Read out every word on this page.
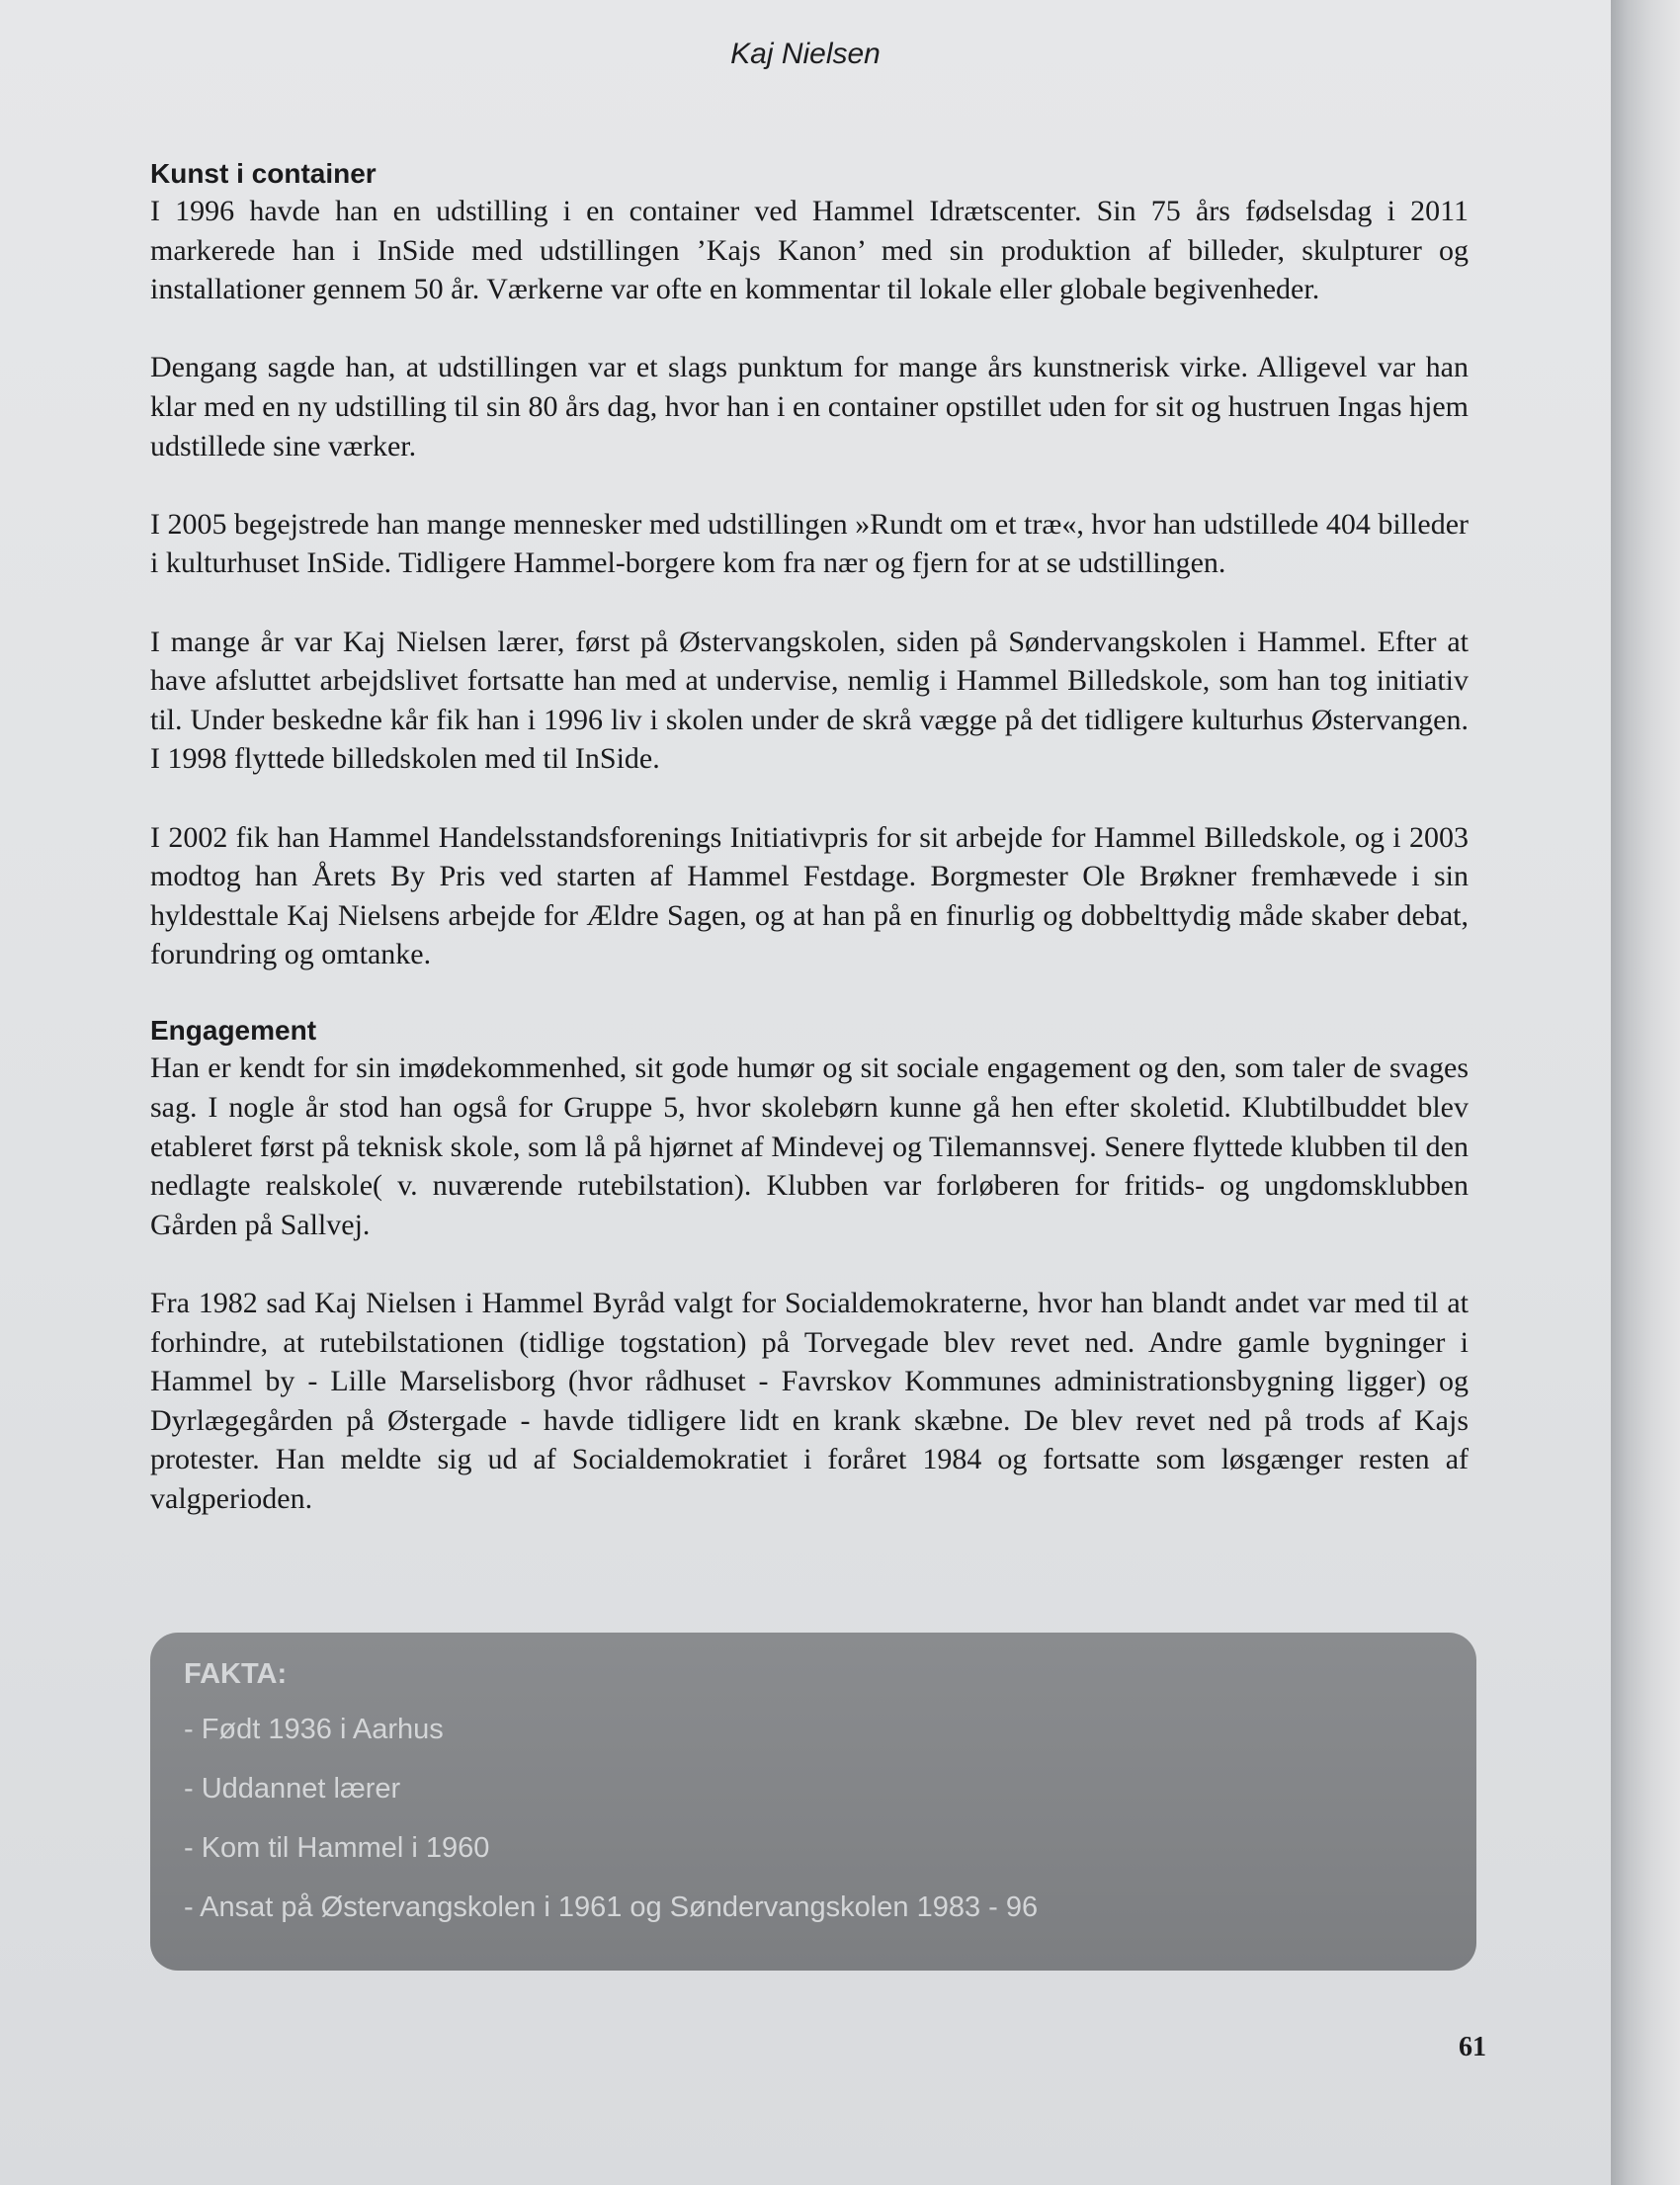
Kaj Nielsen
Kunst i container

I 1996 havde han en udstilling i en container ved Hammel Idrætscenter. Sin 75 års fødselsdag i 2011 markerede han i InSide med udstillingen ’Kajs Kanon’ med sin produktion af billeder, skulpturer og installationer gennem 50 år. Værkerne var ofte en kommentar til lokale eller globale begivenheder.

Dengang sagde han, at udstillingen var et slags punktum for mange års kunstnerisk virke. Alligevel var han klar med en ny udstilling til sin 80 års dag, hvor han i en container opstillet uden for sit og hustruen Ingas hjem udstillede sine værker.

I 2005 begejstrede han mange mennesker med udstillingen »Rundt om et træ«, hvor han udstillede 404 billeder i kulturhuset InSide. Tidligere Hammel-borgere kom fra nær og fjern for at se udstillingen.

I mange år var Kaj Nielsen lærer, først på Østervangskolen, siden på Søndervangskolen i Hammel. Efter at have afsluttet arbejdslivet fortsatte han med at undervise, nemlig i Hammel Billedskole, som han tog initiativ til. Under beskedne kår fik han i 1996 liv i skolen under de skrå vægge på det tidligere kulturhus Østervangen. I 1998 flyttede billedskolen med til InSide.

I 2002 fik han Hammel Handelsstandsforenings Initiativpris for sit arbejde for Hammel Billedskole, og i 2003 modtog han Årets By Pris ved starten af Hammel Festdage. Borgmester Ole Brøkner fremhævede i sin hyldesttale Kaj Nielsens arbejde for Ældre Sagen, og at han på en finurlig og dobbelttydig måde skaber debat, forundring og omtanke.

Engagement

Han er kendt for sin imødekommenhed, sit gode humør og sit sociale engagement og den, som taler de svages sag. I nogle år stod han også for Gruppe 5, hvor skolebørn kunne gå hen efter skoletid. Klubtilbuddet blev etableret først på teknisk skole, som lå på hjørnet af Mindevej og Tilemannsvej. Senere flyttede klubben til den nedlagte realskole( v. nuværende rutebilstation). Klubben var forløberen for fritids- og ungdomsklubben Gården på Sallvej.

Fra 1982 sad Kaj Nielsen i Hammel Byråd valgt for Socialdemokraterne, hvor han blandt andet var med til at forhindre, at rutebilstationen (tidlige togstation) på Torvegade blev revet ned. Andre gamle bygninger i Hammel by - Lille Marselisborg (hvor rådhuset - Favrskov Kommunes administrationsbygning ligger) og Dyrlægegården på Østergade - havde tidligere lidt en krank skæbne. De blev revet ned på trods af Kajs protester. Han meldte sig ud af Socialdemokratiet i foråret 1984 og fortsatte som løsgænger resten af valgperioden.

FAKTA:
- Født 1936 i Aarhus
- Uddannet lærer
- Kom til Hammel i 1960
- Ansat på Østervangskolen i 1961 og Søndervangskolen 1983 - 96
61
